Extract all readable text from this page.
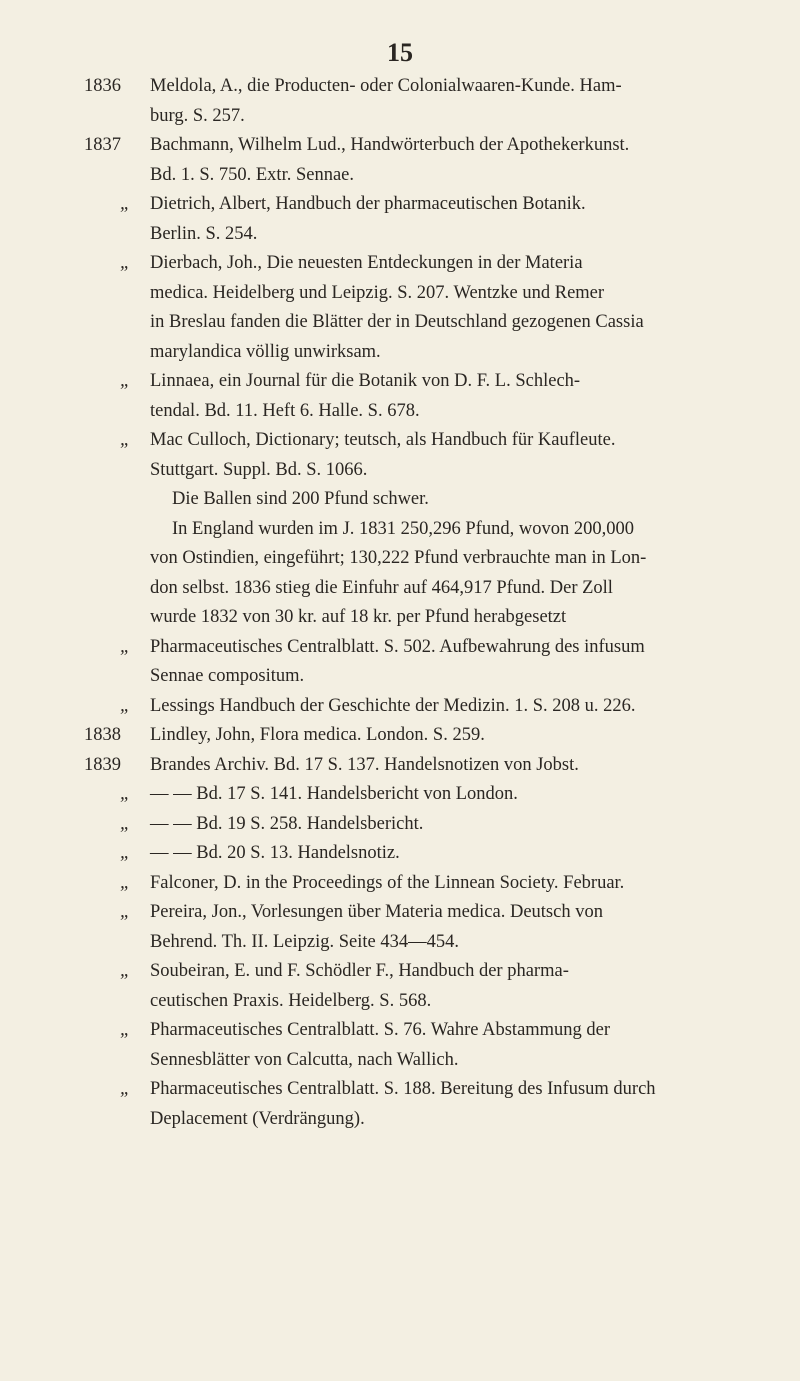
15
1836	Meldola, A., die Producten- oder Colonialwaaren-Kunde. Ham-
burg. S. 257.
1837	Bachmann, Wilhelm Lud., Handwörterbuch der Apothekerkunst.
Bd. 1. S. 750. Extr. Sennae.
„	Dietrich, Albert, Handbuch der pharmaceutischen Botanik.
Berlin. S. 254.
„	Dierbach, Joh., Die neuesten Entdeckungen in der Materia
medica. Heidelberg und Leipzig. S. 207. Wentzke und Remer
in Breslau fanden die Blätter der in Deutschland gezogenen Cassia
marylandica völlig unwirksam.
„	Linnaea, ein Journal für die Botanik von D. F. L. Schlech-
tendal. Bd. 11. Heft 6. Halle. S. 678.
„	Mac Culloch, Dictionary; teutsch, als Handbuch für Kaufleute.
Stuttgart. Suppl. Bd. S. 1066.
Die Ballen sind 200 Pfund schwer.
In England wurden im J. 1831 250,296 Pfund, wovon 200,000
von Ostindien, eingeführt; 130,222 Pfund verbrauchte man in Lon-
don selbst. 1836 stieg die Einfuhr auf 464,917 Pfund. Der Zoll
wurde 1832 von 30 kr. auf 18 kr. per Pfund herabgesetzt
„	Pharmaceutisches Centralblatt. S. 502. Aufbewahrung des infusum
Sennae compositum.
„	Lessings Handbuch der Geschichte der Medizin. 1. S. 208 u. 226.
1838	Lindley, John, Flora medica. London. S. 259.
1839	Brandes Archiv. Bd. 17 S. 137. Handelsnotizen von Jobst.
„	— — Bd. 17 S. 141. Handelsbericht von London.
„	— — Bd. 19 S. 258. Handelsbericht.
„	— — Bd. 20 S. 13. Handelsnotiz.
„	Falconer, D. in the Proceedings of the Linnean Society. Februar.
„	Pereira, Jon., Vorlesungen über Materia medica. Deutsch von
Behrend. Th. II. Leipzig. Seite 434—454.
„	Soubeiran, E. und F. Schödler F., Handbuch der pharma-
ceutischen Praxis. Heidelberg. S. 568.
„	Pharmaceutisches Centralblatt. S. 76. Wahre Abstammung der
Sennesblätter von Calcutta, nach Wallich.
„	Pharmaceutisches Centralblatt. S. 188. Bereitung des Infusum durch
Deplacement (Verdrängung).
